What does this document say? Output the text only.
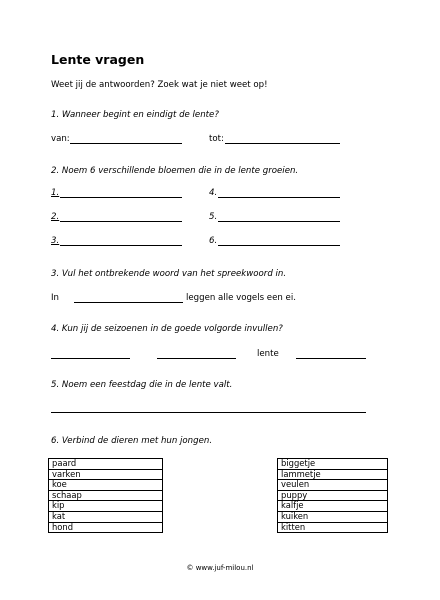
Lente vragen
Weet jij de antwoorden? Zoek wat je niet weet op!
1. Wanneer begint en eindigt de lente?
van:	tot:
2. Noem 6 verschillende bloemen die in de lente groeien.
1.	4.
2.	5.
3.	6.
3. Vul het ontbrekende woord van het spreekwoord in.
In	leggen alle vogels een ei.
4. Kun jij de seizoenen in de goede volgorde invullen?
lente
5. Noem een feestdag die in de lente valt.
6. Verbind de dieren met hun jongen.
paard
varken
koe
schaap
kip
kat
hond
biggetje
lammetje
veulen
puppy
kalfje
kuiken
kitten
© www.juf-milou.nl
